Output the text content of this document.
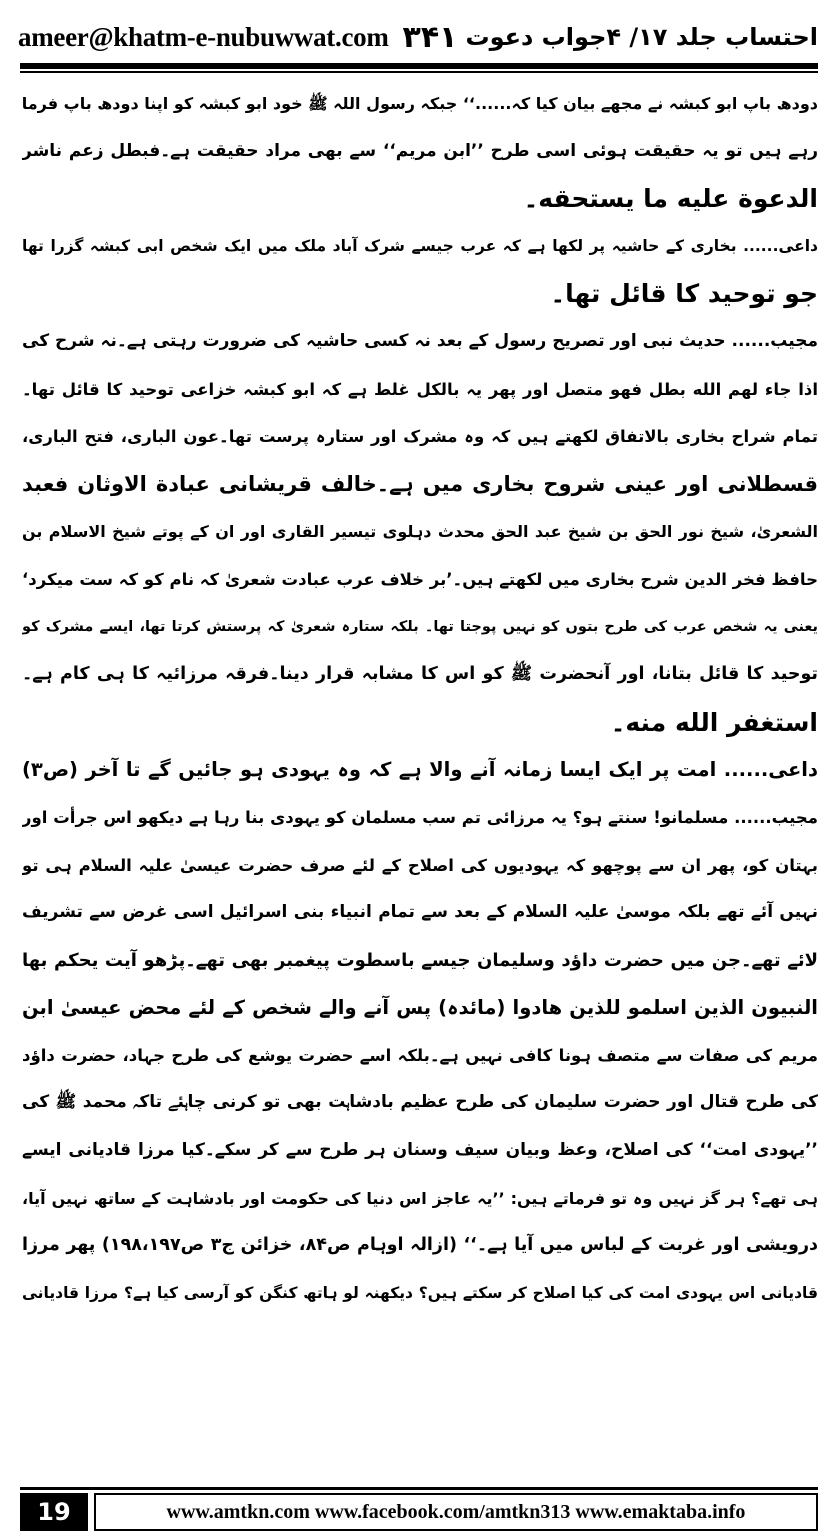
ameer@khatm-e-nubuwwat.com ۳۴۱ احتساب جلد ۱۷/ ۴جواب دعوت
دودھ باپ ابو کبشہ نے مجھے بیان کیا کہ......‘‘ جبکہ رسول اللہ ﷺ خود ابو کبشہ کو اپنا دودھ باپ فرما
رہے ہیں تو یہ حقیقت ہوئی اسی طرح ’’ابن مریم‘‘ سے بھی مراد حقیقت ہے۔فبطل زعم ناشر
الدعوة عليه ما يستحقه۔
داعی...... بخاری کے حاشیہ پر لکھا ہے کہ عرب جیسے شرک آباد ملک میں ایک شخص ابی کبشہ گزرا تھا
جو توحید کا قائل تھا۔
مجیب...... حدیث نبی اور تصریح رسول کے بعد نہ کسی حاشیہ کی ضرورت رہتی ہے۔نہ شرح کی
اذا جاء لهم الله بطل فهو متصل اور پھر یہ بالکل غلط ہے کہ ابو کبشہ خزاعی توحید کا قائل تھا۔
تمام شراح بخاری بالاتفاق لکھتے ہیں کہ وہ مشرک اور ستارہ پرست تھا۔عون الباری، فتح الباری،
قسطلانی اور عینی شروح بخاری میں ہے۔خالف قریشانی عبادة الاوثان فعبد
الشعریٰ، شیخ نور الحق بن شیخ عبد الحق محدث دہلوی تیسیر القاری اور ان کے پوتے شیخ الاسلام بن
حافظ فخر الدین شرح بخاری میں لکھتے ہیں۔’بر خلاف عرب عبادت شعریٰ کہ نام کو کہ ست میکرد‘
یعنی یہ شخص عرب کی طرح بتوں کو نہیں پوجتا تھا۔ بلکہ ستارہ شعریٰ کہ پرستش کرتا تھا، ایسے مشرک کو
توحید کا قائل بتانا، اور آنحضرت ﷺ کو اس کا مشابہ قرار دینا۔فرقہ مرزائیہ کا ہی کام ہے۔
استغفر الله منه۔
داعی...... امت پر ایک ایسا زمانہ آنے والا ہے کہ وہ یہودی ہو جائیں گے تا آخر (ص۳)
مجیب...... مسلمانو! سنتے ہو؟ یہ مرزائی تم سب مسلمان کو یہودی بنا رہا ہے دیکھو اس جرأت اور
بہتان کو، پھر ان سے پوچھو کہ یہودیوں کی اصلاح کے لئے صرف حضرت عیسیٰ علیہ السلام ہی تو
نہیں آئے تھے بلکہ موسیٰ علیہ السلام کے بعد سے تمام انبیاء بنی اسرائیل اسی غرض سے تشریف
لائے تھے۔جن میں حضرت داؤد وسلیمان جیسے باسطوت پیغمبر بھی تھے۔پڑھو آیت یحکم بها
النبيون الذين اسلمو للذين هادوا (مائدہ) پس آنے والے شخص کے لئے محض عیسیٰ ابن
مریم کی صفات سے متصف ہونا کافی نہیں ہے۔بلکہ اسے حضرت یوشع کی طرح جہاد، حضرت داؤد
کی طرح قتال اور حضرت سلیمان کی طرح عظیم بادشاہت بھی تو کرنی چاہئے تاکہ محمد ﷺ کی
’’یہودی امت‘‘ کی اصلاح، وعظ وبیان سیف وسنان ہر طرح سے کر سکے۔کیا مرزا قادیانی ایسے
ہی تھے؟ ہر گز نہیں وہ تو فرماتے ہیں: ’’یہ عاجز اس دنیا کی حکومت اور بادشاہت کے ساتھ نہیں آیا،
درویشی اور غربت کے لباس میں آیا ہے۔‘‘ (ازالہ اوہام ص۸۴، خزائن ج۳ ص۱۹۸،۱۹۷) پھر مرزا
قادیانی اس یہودی امت کی کیا اصلاح کر سکتے ہیں؟ دیکھنہ لو ہاتھ کنگن کو آرسی کیا ہے؟ مرزا قادیانی
19	www.amtkn.com www.facebook.com/amtkn313 www.emaktaba.info
